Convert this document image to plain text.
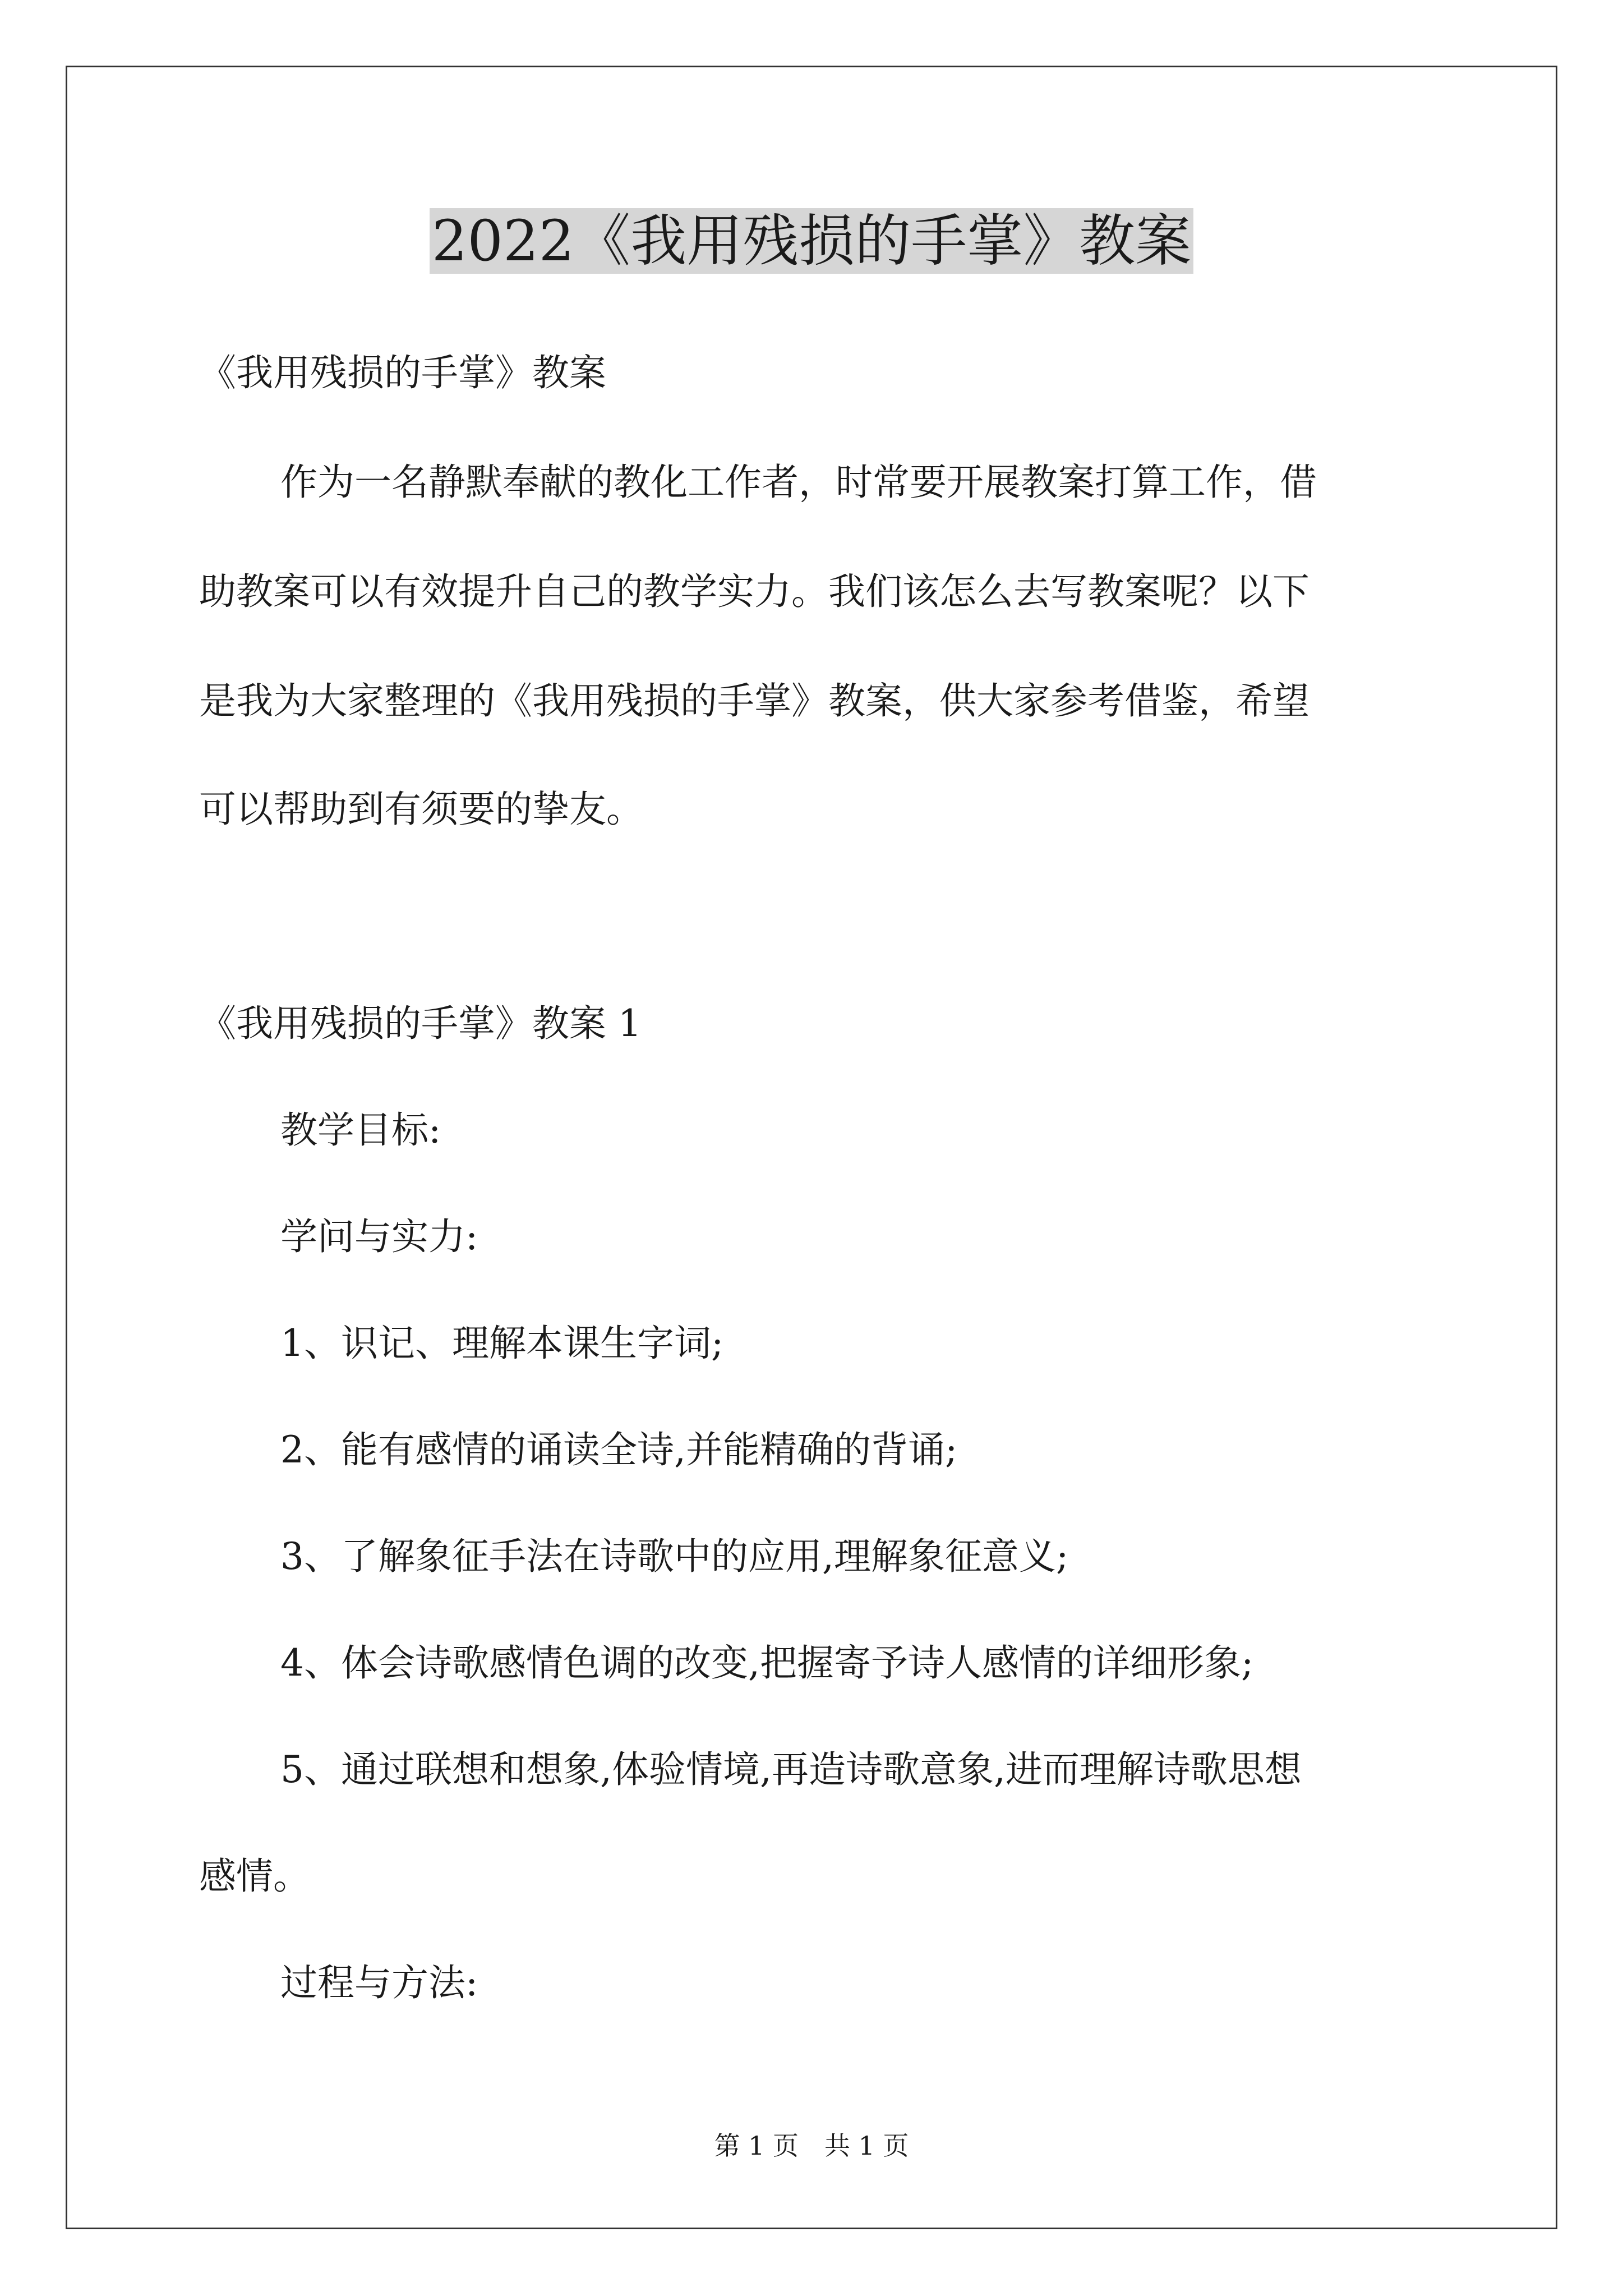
2022《我用残损的手掌》教案
《我用残损的手掌》教案
作为一名静默奉献的教化工作者，时常要开展教案打算工作，借
助教案可以有效提升自己的教学实力。我们该怎么去写教案呢？以下
是我为大家整理的《我用残损的手掌》教案，供大家参考借鉴，希望
可以帮助到有须要的挚友。
《我用残损的手掌》教案 1
教学目标:
学问与实力:
1、识记、理解本课生字词;
2、能有感情的诵读全诗,并能精确的背诵;
3、了解象征手法在诗歌中的应用,理解象征意义;
4、体会诗歌感情色调的改变,把握寄予诗人感情的详细形象;
5、通过联想和想象,体验情境,再造诗歌意象,进而理解诗歌思想
感情。
过程与方法:
第 1 页　共 1 页
